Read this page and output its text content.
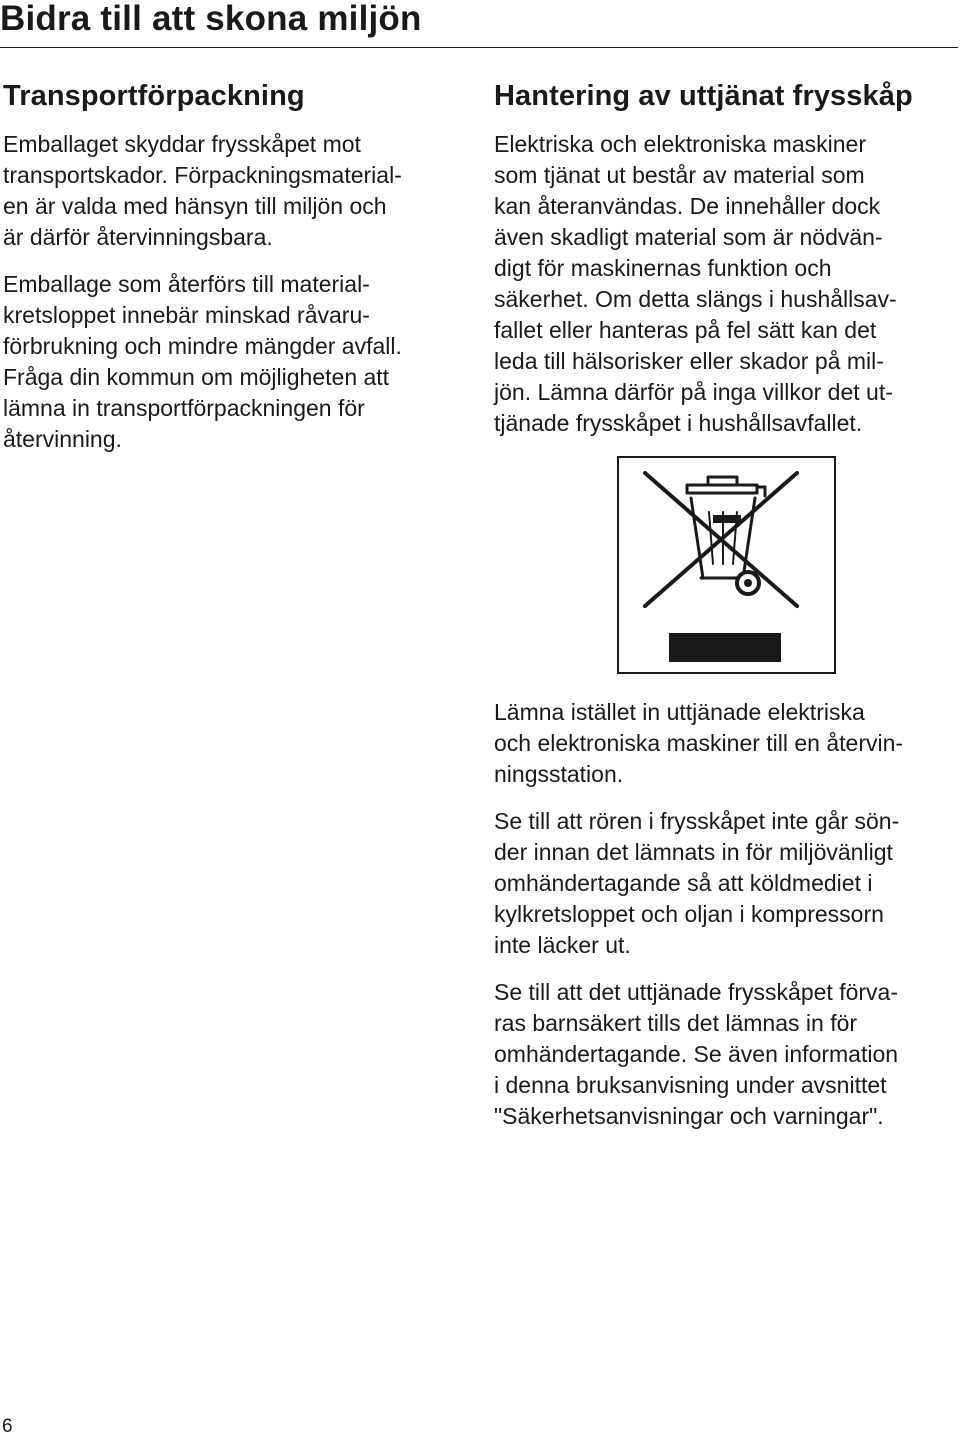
Bidra till att skona miljön
Transportförpackning

Emballaget skyddar frysskåpet mot
transportskador. Förpackningsmaterial-
en är valda med hänsyn till miljön och
är därför återvinningsbara.

Emballage som återförs till material-
kretsloppet innebär minskad råvaru-
förbrukning och mindre mängder avfall.
Fråga din kommun om möjligheten att
lämna in transportförpackningen för
återvinning.

Hantering av uttjänat frysskåp

Elektriska och elektroniska maskiner
som tjänat ut består av material som
kan återanvändas. De innehåller dock
även skadligt material som är nödvän-
digt för maskinernas funktion och
säkerhet. Om detta slängs i hushållsav-
fallet eller hanteras på fel sätt kan det
leda till hälsorisker eller skador på mil-
jön. Lämna därför på inga villkor det ut-
tjänade frysskåpet i hushållsavfallet.

Lämna istället in uttjänade elektriska
och elektroniska maskiner till en återvin-
ningsstation.

Se till att rören i frysskåpet inte går sön-
der innan det lämnats in för miljövänligt
omhändertagande så att köldmediet i
kylkretsloppet och oljan i kompressorn
inte läcker ut.

Se till att det uttjänade frysskåpet förva-
ras barnsäkert tills det lämnas in för
omhändertagande. Se även information
i denna bruksanvisning under avsnittet
"Säkerhetsanvisningar och varningar".

6
